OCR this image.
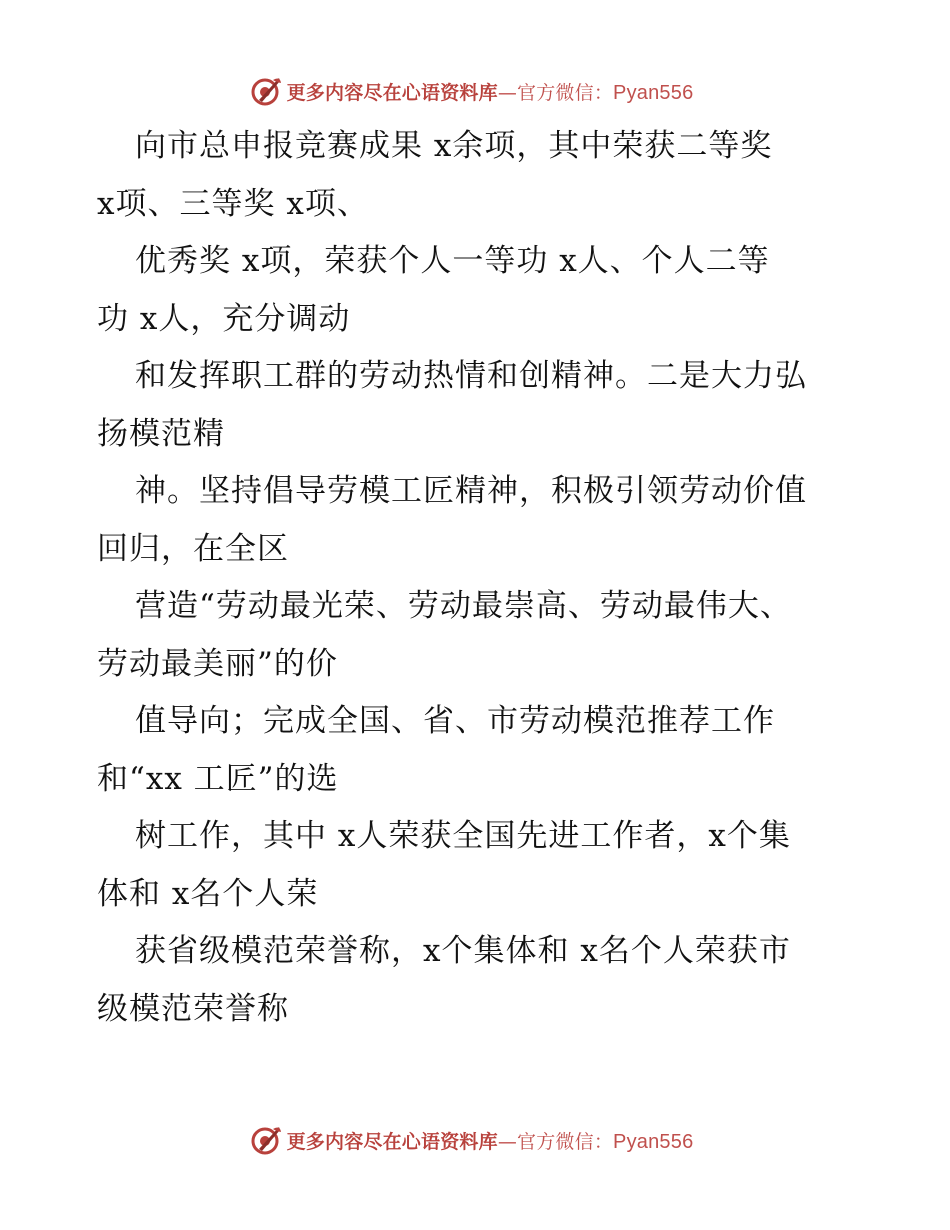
更多内容尽在心语资料库—官方微信：Pyan556
向市总申报竞赛成果 x余项，其中荣获二等奖
x项、三等奖 x项、
优秀奖 x项，荣获个人一等功 x人、个人二等
功 x人，充分调动
和发挥职工群的劳动热情和创精神。二是大力弘
扬模范精
神。坚持倡导劳模工匠精神，积极引领劳动价值
回归，在全区
营造“劳动最光荣、劳动最崇高、劳动最伟大、
劳动最美丽”的价
值导向；完成全国、省、市劳动模范推荐工作
和“xx 工匠”的选
树工作，其中 x人荣获全国先进工作者，x个集
体和 x名个人荣
获省级模范荣誉称，x个集体和 x名个人荣获市
级模范荣誉称
更多内容尽在心语资料库—官方微信：Pyan556
